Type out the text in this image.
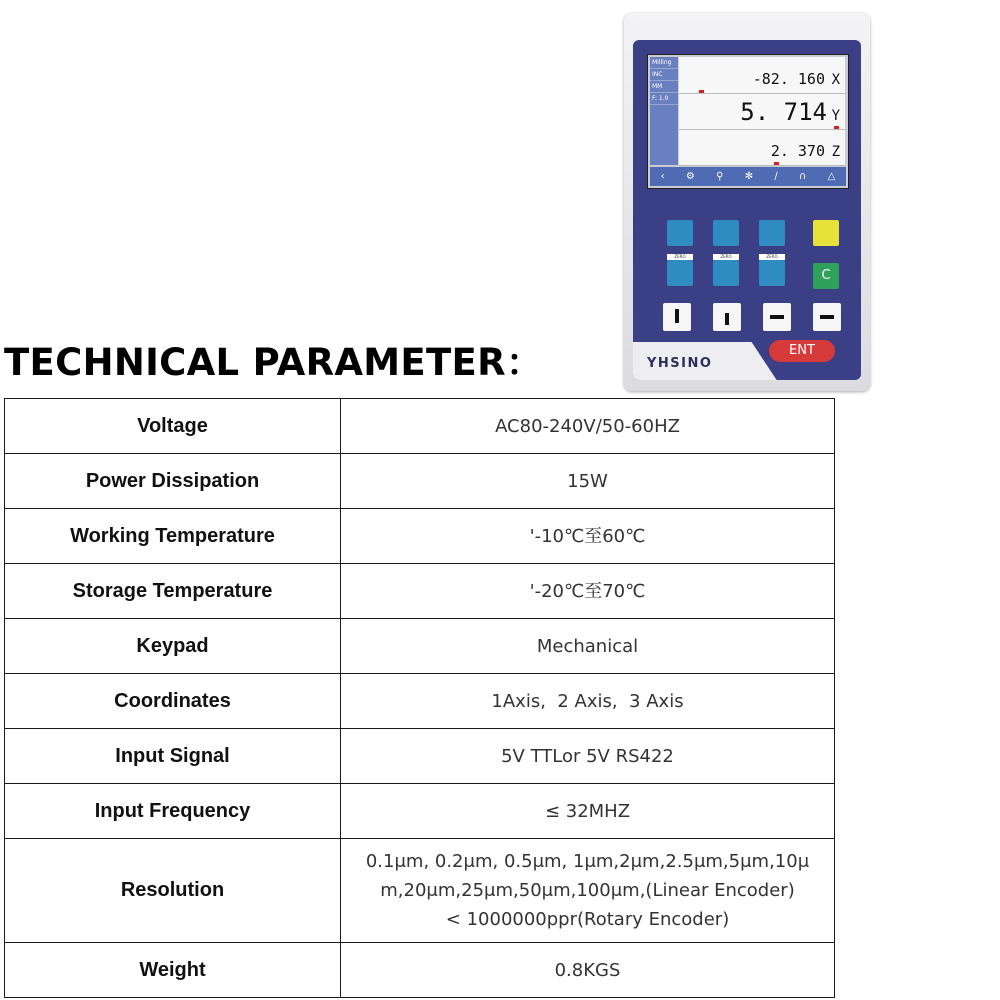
TECHNICAL PARAMETER：
Milling
INC
MM
F: 1.0
-82. 160 X
5. 714 Y
2. 370 Z
‹ ⚙ ⚲ ✻ ∕ ∩ △
ZERO	ZERO	ZERO
C
YHSINO
ENT
Voltage	AC80-240V/50-60HZ

Power Dissipation	15W

Working Temperature	'-10℃至60℃

Storage Temperature	'-20℃至70℃

Keypad	Mechanical

Coordinates	1Axis,  2 Axis,  3 Axis

Input Signal	5V TTLor 5V RS422

Input Frequency	≤ 32MHZ

Resolution	0.1μm, 0.2μm, 0.5μm, 1μm,2μm,2.5μm,5μm,10μ
m,20μm,25μm,50μm,100μm,(Linear Encoder)
< 1000000ppr(Rotary Encoder)

Weight	0.8KGS
